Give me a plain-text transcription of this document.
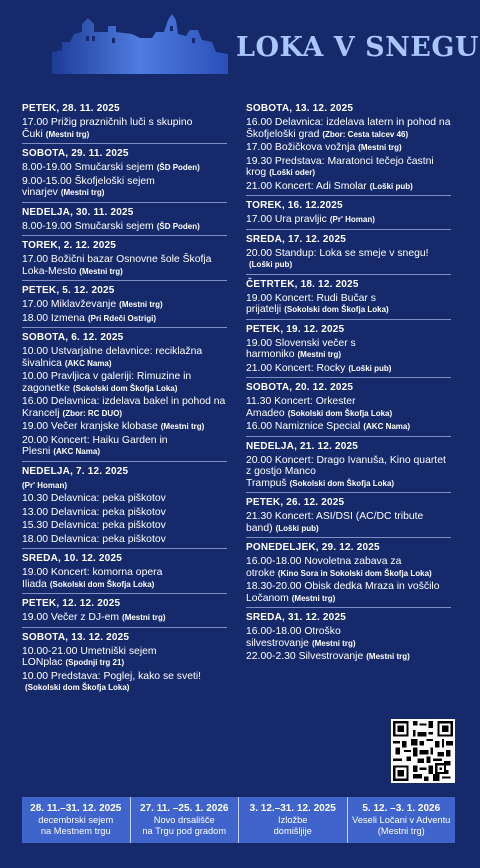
LOKA V SNEGU
PETEK, 28. 11. 2025
17.00 Prižig prazničnih luči s skupino Čuki (Mestni trg)
SOBOTA, 29. 11. 2025
8.00-19.00 Smučarski sejem (ŠD Poden)
9.00-15.00 Škofjeloški sejem vinarjev (Mestni trg)
NEDELJA, 30. 11. 2025
8.00-19.00 Smučarski sejem (ŠD Poden)
TOREK, 2. 12. 2025
17.00 Božični bazar Osnovne šole Škofja Loka-Mesto (Mestni trg)
PETEK, 5. 12. 2025
17.00 Miklavževanje (Mestni trg)
18.00 Izmena (Pri Rdeči Ostrigi)
SOBOTA, 6. 12. 2025
10.00 Ustvarjalne delavnice: reciklažna šivalnica (AKC Nama)
10.00 Pravljica v galeriji: Rimuzine in zagonetke (Sokolski dom Škofja Loka)
16.00 Delavnica: izdelava bakel in pohod na Krancelj (Zbor: RC DUO)
19.00 Večer kranjske klobase (Mestni trg)
20.00 Koncert: Haiku Garden in Plesni (AKC Nama)
NEDELJA, 7. 12. 2025
(Pr' Homan)
10.30 Delavnica: peka piškotov
13.00 Delavnica: peka piškotov
15.30 Delavnica: peka piškotov
18.00 Delavnica: peka piškotov
SREDA, 10. 12. 2025
19.00 Koncert: komorna opera Iliada (Sokolski dom Škofja Loka)
PETEK, 12. 12. 2025
19.00 Večer z DJ-em (Mestni trg)
SOBOTA, 13. 12. 2025
10.00-21.00 Umetniški sejem LONplac (Spodnji trg 21)
10.00 Predstava: Poglej, kako se sveti!(Sokolski dom Škofja Loka)
SOBOTA, 13. 12. 2025
16.00 Delavnica: izdelava latern in pohod na Škofjeloški grad (Zbor: Cesta talcev 46)
17.00 Božičkova vožnja (Mestni trg)
19.30 Predstava: Maratonci tečejo častni krog (Loški oder)
21.00 Koncert: Adi Smolar (Loški pub)
TOREK, 16. 12.2025
17.00 Ura pravljic (Pr' Homan)
SREDA, 17. 12. 2025
20.00 Standup: Loka se smeje v snegu!(Loški pub)
ČETRTEK, 18. 12. 2025
19.00 Koncert: Rudi Bučar s prijatelji (Sokolski dom Škofja Loka)
PETEK, 19. 12. 2025
19.00 Slovenski večer s harmoniko (Mestni trg)
21.00 Koncert: Rocky (Loški pub)
SOBOTA, 20. 12. 2025
11.30 Koncert: Orkester Amadeo (Sokolski dom Škofja Loka)
16.00 Namiznice Special (AKC Nama)
NEDELJA, 21. 12. 2025
20.00 Koncert: Drago Ivanuša, Kino quartet z gostjo Manco Trampuš (Sokolski dom Škofja Loka)
PETEK, 26. 12. 2025
21.30 Koncert: ASI/DSI (AC/DC tribute band) (Loški pub)
PONEDELJEK, 29. 12. 2025
16.00-18.00 Novoletna zabava za otroke (Kino Sora in Sokolski dom Škofja Loka)
18.30-20.00 Obisk dedka Mraza in voščilo Ločanom (Mestni trg)
SREDA, 31. 12. 2025
16.00-18.00 Otroško silvestrovanje (Mestni trg)
22.00-2.30 Silvestrovanje (Mestni trg)
28. 11.–31. 12. 2025
decembrski sejem
na Mestnem trgu
27. 11. –25. 1. 2026
Novo drsališče
na Trgu pod gradom
3. 12.–31. 12. 2025
Izložbe
domišljije
5. 12. –3. 1. 2026
Veseli Ločani v Adventu
(Mestni trg)
